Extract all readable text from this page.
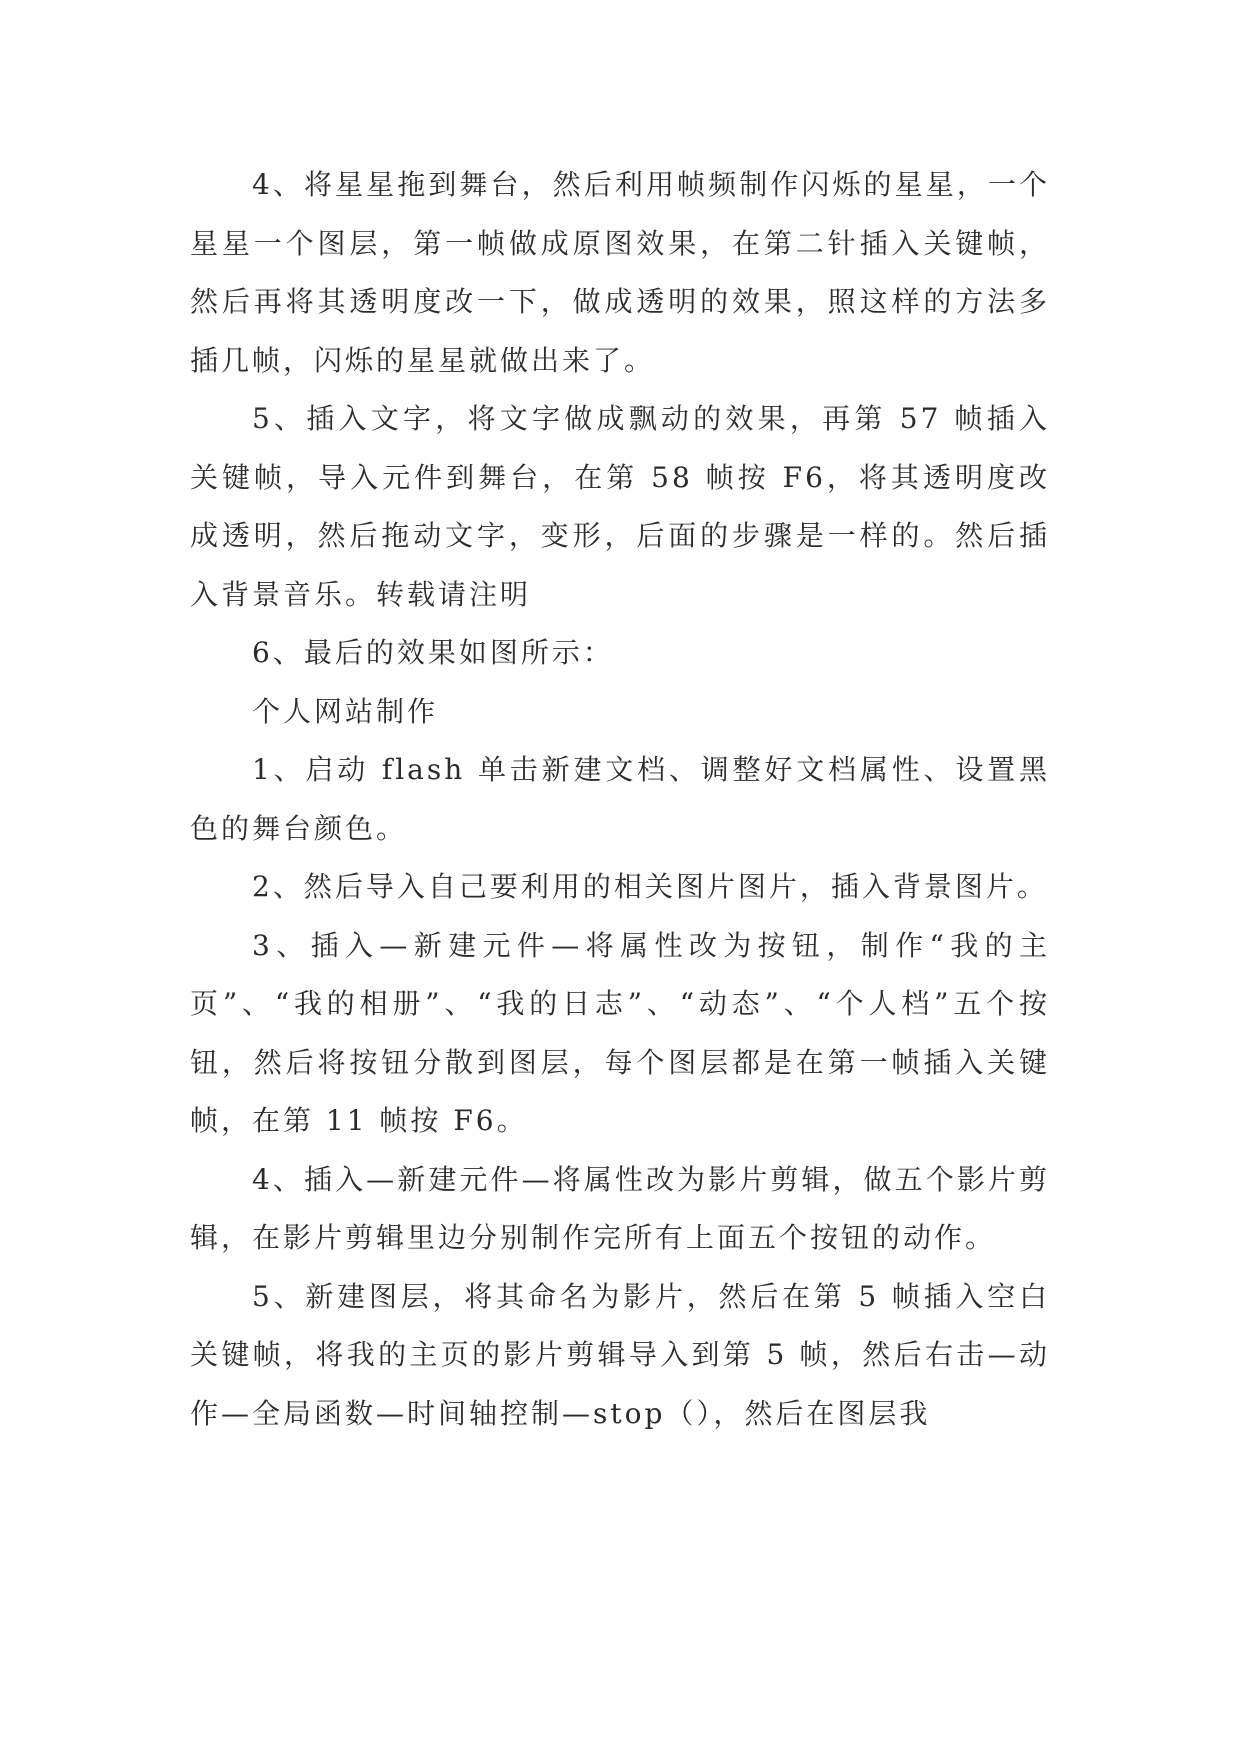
4、将星星拖到舞台，然后利用帧频制作闪烁的星星，一个星星一个图层，第一帧做成原图效果，在第二针插入关键帧，然后再将其透明度改一下，做成透明的效果，照这样的方法多插几帧，闪烁的星星就做出来了。

5、插入文字，将文字做成飘动的效果，再第 57 帧插入关键帧，导入元件到舞台，在第 58 帧按 F6，将其透明度改成透明，然后拖动文字，变形，后面的步骤是一样的。然后插入背景音乐。转载请注明

6、最后的效果如图所示：

个人网站制作

1、启动 flash 单击新建文档、调整好文档属性、设置黑色的舞台颜色。

2、然后导入自己要利用的相关图片图片，插入背景图片。

3、插入—新建元件—将属性改为按钮，制作“我的主页”、“我的相册”、“我的日志”、“动态”、“个人档”五个按钮，然后将按钮分散到图层，每个图层都是在第一帧插入关键帧，在第 11 帧按 F6。

4、插入—新建元件—将属性改为影片剪辑，做五个影片剪辑，在影片剪辑里边分别制作完所有上面五个按钮的动作。

5、新建图层，将其命名为影片，然后在第 5 帧插入空白关键帧，将我的主页的影片剪辑导入到第 5 帧，然后右击—动作—全局函数—时间轴控制—stop（），然后在图层我
